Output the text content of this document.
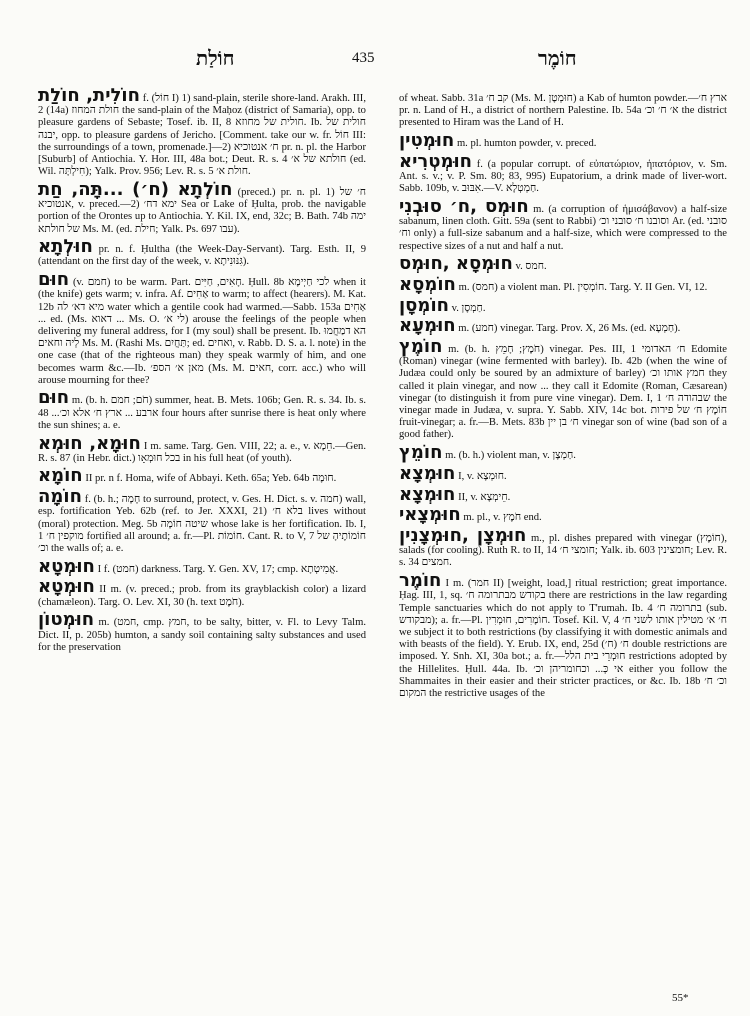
חוֹלַת	435	חוֹמֶר

חוֹלִית, חוֹלַת f. (חוֹל I) 1) sand-plain, sterile shore-land. Arakh. III, 2 (14a) חולת המחוז the sand-plain of the Maḥoz (district of Samaria), opp. to pleasure gardens of Sebaste; Tosef. ib. II, 8 חולית של מחוזא. Ib. חולית של יבנה, opp. to pleasure gardens of Jericho. [Comment. take our w. fr. חוֹל III: the surroundings of a town, promenade.]—2) ח׳ אנטוכיא pr. n. pl. the Harbor [Suburb] of Antiochia. Y. Hor. III, 48a bot.; Deut. R. s. 4 חולתא של א׳ (ed. Wil. חִילְתָּה); Yalk. Prov. 956; Lev. R. s. 5 חולת א׳.

חוֹלְתָא (ח׳) ...תָּה, חַת (preced.) pr. n. pl. 1) ח׳ של אנטוכיא, v. preced.—2) ימא דח׳ Sea or Lake of Ḥulta, prob. the navigable portion of the Orontes up to Antiochia. Y. Kil. IX, end, 32c; B. Bath. 74b ימה של חולתא Ms. M. (ed. חילת; Yalk. Ps. 697 עבו).

חוּלְתָא pr. n. f. Ḥultha (the Week-Day-Servant). Targ. Esth. II, 9 (attendant on the first day of the week, v. גִּנּוּנִיתָא).

חוּם (v. חמם) to be warm. Part. חָאִים, חַיִּים. Ḥull. 8b לכי חַיְימָא when it (the knife) gets warm; v. infra. Af. אַחִים to warm; to affect (hearers). M. Kat. 12b מיא דא׳ לה water which a gentile cook had warmed.—Sabb. 153a אַחִים ... ed. (Ms. דאוא ... Ms. O. לי א׳) arouse the feelings of the people when delivering my funeral address, for I (my soul) shall be present. Ib. הא דמַחֲמוּ לְיה וחאים Ms. M. (Rashi Ms. תַּחֲיִם; ed. ואחים, v. Rabb. D. S. a. l. note) in the one case (that of the righteous man) they speak warmly of him, and one becomes warm &c.—Ib. מאן א׳ הספ׳ (Ms. M. חאים, corr. acc.) who will arouse mourning for thee?

חוּם m. (b. h. חֹם; חמם) summer, heat. B. Mets. 106b; Gen. R. s. 34. Ib. s. 48 ...ארבע ... ארץ ח׳ אלא וכ׳ four hours after sunrise there is heat only where the sun shines; a. e.

חוּמָא, חוּמְא I m. same. Targ. Gen. VIII, 22; a. e., v. חֵמָא.—Gen. R. s. 87 (in Hebr. dict.) בכל חוּמְאָו in his full heat (of youth).

חוֹמָא II pr. n f. Homa, wife of Abbayi. Keth. 65a; Yeb. 64b חוּמָה.

חוֹמָה f. (b. h.; חָמָה to surround, protect, v. Ges. H. Dict. s. v. חמה) wall, esp. fortification Yeb. 62b (ref. to Jer. XXXI, 21) בלא ח׳ lives without (moral) protection. Meg. 5b שיטה חוֹמָה whose lake is her fortification. Ib. I, 1 מוקפין ח׳ fortified all around; a. fr.—Pl. חוֹמוֹת. Cant. R. to V, 7 חוֹמוֹתֶיהָ של וכ׳ the walls of; a. e.

חוּמְטָא I f. (חמט) darkness. Targ. Y. Gen. XV, 17; cmp. אֲמִיטְתָא.

חוּמְטָא II m. (v. preced.; prob. from its grayblackish color) a lizard (chamæleon). Targ. O. Lev. XI, 30 (h. text חֹמֶט).

חוּמְטוֹן m. (חמט, cmp. חמץ, to be salty, bitter, v. Fl. to Levy Talm. Dict. II, p. 205b) humton, a sandy soil containing salty substances and used for the preservation

of wheat. Sabb. 31a קב ח׳ (Ms. M. חוּמְטָן) a Kab of humton powder.—ארץ ח׳ pr. n. Land of H., a district of northern Palestine. Ib. 54a א׳ ח׳ וכ׳ the district presented to Hiram was the Land of H.

חוּמְטִין m. pl. humton powder, v. preced.

חוּמְטְרִיא f. (a popular corrupt. of εὐπατώριον, ἡπατόριον, v. Sm. Ant. s. v.; v. P. Sm. 80; 83, 995) Eupatorium, a drink made of liver-wort. Sabb. 109b, v. אִבּוּב.—V. חַמְטְלָא.

חוּמְס ,ח׳ סוּבְנִי m. (a corruption of ἡμισάβανον) a half-size sabanum, linen cloth. Gitt. 59a (sent to Rabbi) וסובנו ח׳ סובני וכ׳ Ar. (ed. סובני וח׳ only) a full-size sabanum and a half-size, which were compressed to the respective sizes of a nut and half a nut.

חוּמְסָא ,חוּמְס v. חמס.

חוֹמְסָא m. (חמס) a violent man. Pl. חוֹמְסִין. Targ. Y. II Gen. VI, 12.

חוֹמְסָן v. חַמְסָן.

חוּמְעָא m. (חמע) vinegar. Targ. Prov. X, 26 Ms. (ed. חַמְעָא).

חוֹמֶץ m. (b. h. חֹמֶץ; חָמֵץ) vinegar. Pes. III, 1 ח׳ האדומי Edomite (Roman) vinegar (wine fermented with barley). Ib. 42b (when the wine of Judæa could only be soured by an admixture of barley) חמץ אותו וכ׳ they called it plain vinegar, and now ... they call it Edomite (Roman, Cæsarean) vinegar (to distinguish it from pure vine vinegar). Dem. I, 1 שבהודה ח׳ the vinegar made in Judæa, v. supra. Y. Sabb. XIV, 14c bot. חוֹמֶץ ח׳ של פירות fruit-vinegar; a. fr.—B. Mets. 83b ח׳ בן יין vinegar son of wine (bad son of a good father).

חוֹמֵץ m. (b. h.) violent man, v. חַמְצָן.

חוּמְצָא I, v. חוּמְצָא.

חוּמְצָא II, v. חֵימְצָא.

חוּמְצָאי m. pl., v. חֹמֶץ end.

חוּמְצָן ,חוּמְצָנִין m., pl. dishes prepared with vinegar (חוֹמֶץ), salads (for cooling). Ruth R. to II, 14 חומצי ח׳; Yalk. ib. 603 חומצינין; Lev. R. s. 34 חמצים.

חוֹמֶר I m. (חמר II) [weight, load,] ritual restriction; great importance. Ḥag. III, 1, sq. בקודש מבתרומה ח׳ there are restrictions in the law regarding Temple sanctuaries which do not apply to T'rumah. Ib. 4 בתרומה ח׳ (sub. מבקודש); a. fr.—Pl. חוֹמָרִים, חוּמְרִין. Tosef. Kil. V, 4 ח׳ א׳ מטילין אותו לשני ח׳ we subject it to both restrictions (by classifying it with domestic animals and with beasts of the field). Y. Erub. IX, end, 25d (ח׳) ח׳ double restrictions are imposed. Y. Snh. XI, 30a bot.; a. fr.—חוּמְרֵי בית הלל restrictions adopted by the Hillelites. Ḥull. 44a. Ib. אי כְּ... וכחומריהן וכ׳ either you follow the Shammaites in their easier and their stricter practices, or &c. Ib. 18b וכ׳ ח׳ המקום the restrictive usages of the

55*
